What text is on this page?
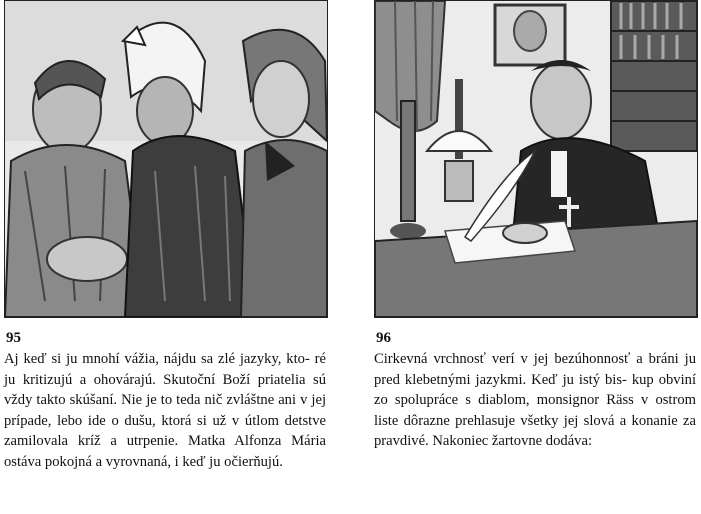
95
Aj keď si ju mnohí vážia, nájdu sa zlé jazyky, kto- ré ju kritizujú a ohovárajú. Skutoční Boží priatelia sú vždy takto skúšaní. Nie je to teda nič zvláštne ani v jej prípade, lebo ide o dušu, ktorá si už v útlom detstve zamilovala kríž a utrpenie. Matka Alfonza Mária ostáva pokojná a vyrovnaná, i keď ju očierňujú.
96
Cirkevná vrchnosť verí v jej bezúhonnosť a bráni ju pred klebetnými jazykmi. Keď ju istý bis- kup obviní zo spolupráce s diablom, monsignor Räss v ostrom liste dôrazne prehlasuje všetky jej slová a konanie za pravdivé. Nakoniec žartovne dodáva:
